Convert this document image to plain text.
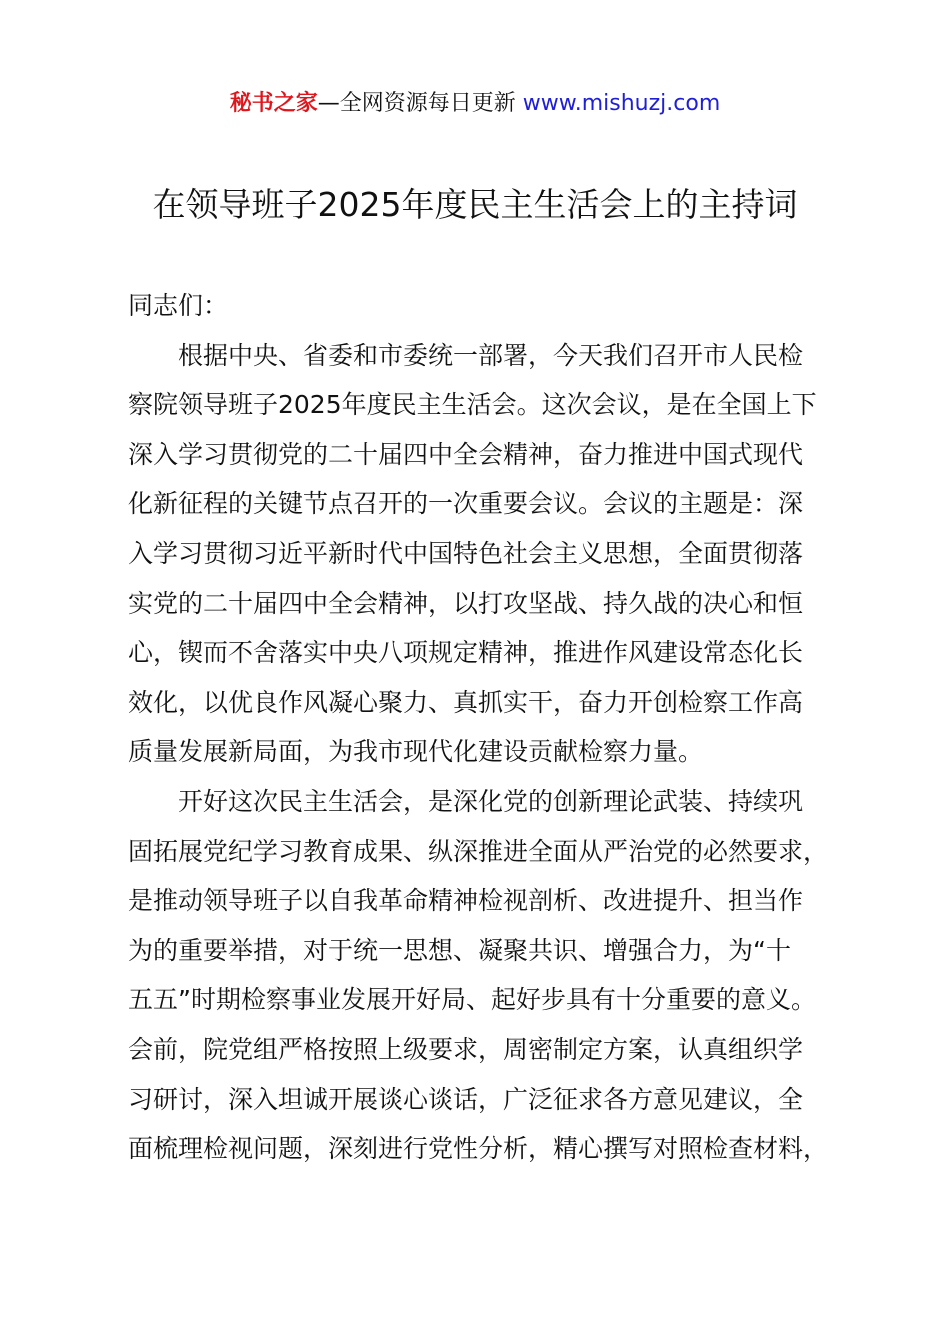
秘书之家—全网资源每日更新 www.mishuzj.com
在领导班子2025年度民主生活会上的主持词

同志们：

根据中央、省委和市委统一部署，今天我们召开市人民检
察院领导班子2025年度民主生活会。这次会议，是在全国上下
深入学习贯彻党的二十届四中全会精神，奋力推进中国式现代
化新征程的关键节点召开的一次重要会议。会议的主题是：深
入学习贯彻习近平新时代中国特色社会主义思想，全面贯彻落
实党的二十届四中全会精神，以打攻坚战、持久战的决心和恒
心，锲而不舍落实中央八项规定精神，推进作风建设常态化长
效化，以优良作风凝心聚力、真抓实干，奋力开创检察工作高
质量发展新局面，为我市现代化建设贡献检察力量。

开好这次民主生活会，是深化党的创新理论武装、持续巩
固拓展党纪学习教育成果、纵深推进全面从严治党的必然要求，
是推动领导班子以自我革命精神检视剖析、改进提升、担当作
为的重要举措，对于统一思想、凝聚共识、增强合力，为“十
五五”时期检察事业发展开好局、起好步具有十分重要的意义。
会前，院党组严格按照上级要求，周密制定方案，认真组织学
习研讨，深入坦诚开展谈心谈话，广泛征求各方意见建议，全
面梳理检视问题，深刻进行党性分析，精心撰写对照检查材料，
